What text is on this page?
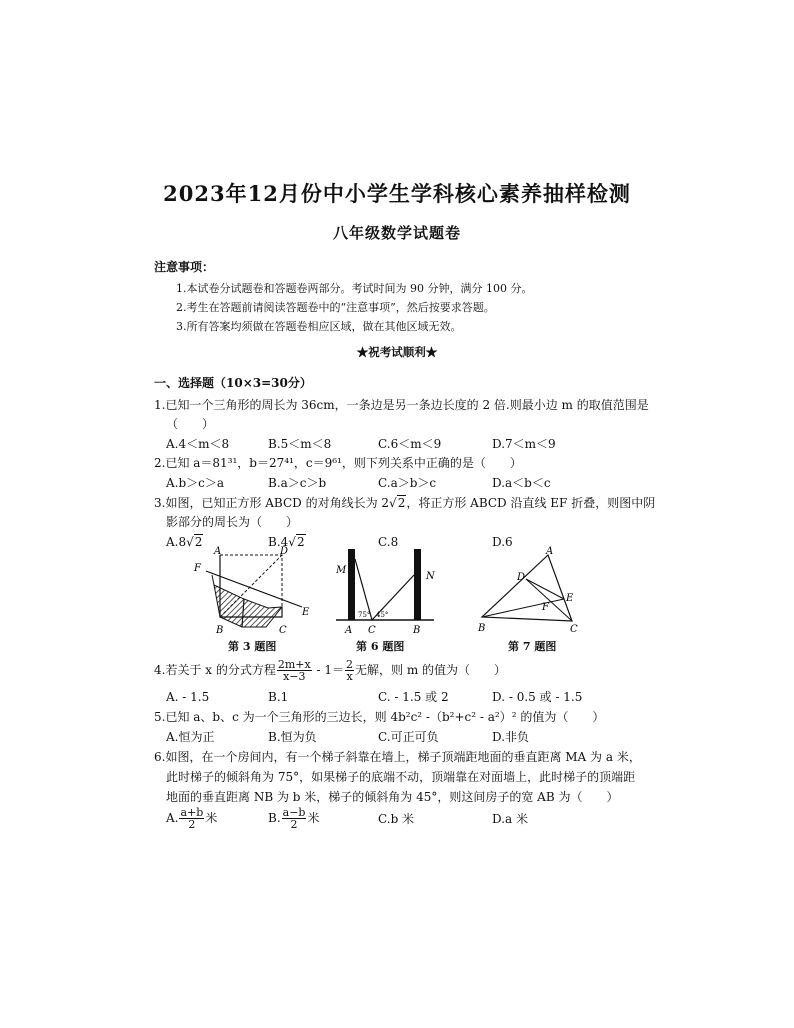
2023年12月份中小学生学科核心素养抽样检测
八年级数学试题卷
注意事项：
1.本试卷分试题卷和答题卷两部分。考试时间为 90 分钟，满分 100 分。
2.考生在答题前请阅读答题卷中的“注意事项”，然后按要求答题。
3.所有答案均须做在答题卷相应区域，做在其他区域无效。
★祝考试顺利★
一、选择题（10×3=30分）
1.已知一个三角形的周长为 36cm，一条边是另一条边长度的 2 倍.则最小边 m 的取值范围是
（　　）
A.4＜m＜8	B.5＜m＜8	C.6＜m＜9	D.7＜m＜9
2.已知 a＝81³¹，b＝27⁴¹，c＝9⁶¹，则下列关系中正确的是（　　）
A.b＞c＞a	B.a＞c＞b	C.a＞b＞c	D.a＜b＜c
3.如图，已知正方形 ABCD 的对角线长为 2√2，将正方形 ABCD 沿直线 EF 折叠，则图中阴
影部分的周长为（　　）
A.8√2	B.4√2	C.8	D.6
A	D
F
E
B	C
第 3 题图
M
N
75° 45°
A C	B
第 6 题图
A
D
E
F
B	C
第 7 题图
4.若关于 x 的分式方程 $\frac{2m+x}{x-3} - 1= \frac{2}{x}$ 无解，则 m 的值为（　　）
A. - 1.5	B.1	C. - 1.5 或 2	D. - 0.5 或 - 1.5
5.已知 a、b、c 为一个三角形的三边长，则 4b²c² -（b²+c² - a²）² 的值为（　　）
A.恒为正	B.恒为负	C.可正可负	D.非负
6.如图，在一个房间内，有一个梯子斜靠在墙上，梯子顶端距地面的垂直距离 MA 为 a 米，
此时梯子的倾斜角为 75°，如果梯子的底端不动，顶端靠在对面墙上，此时梯子的顶端距
地面的垂直距离 NB 为 b 米，梯子的倾斜角为 45°，则这间房子的宽 AB 为（　　）
A. $\frac{a+b}{2}$ 米	B. $\frac{a-b}{2}$ 米	C.b 米	D.a 米
